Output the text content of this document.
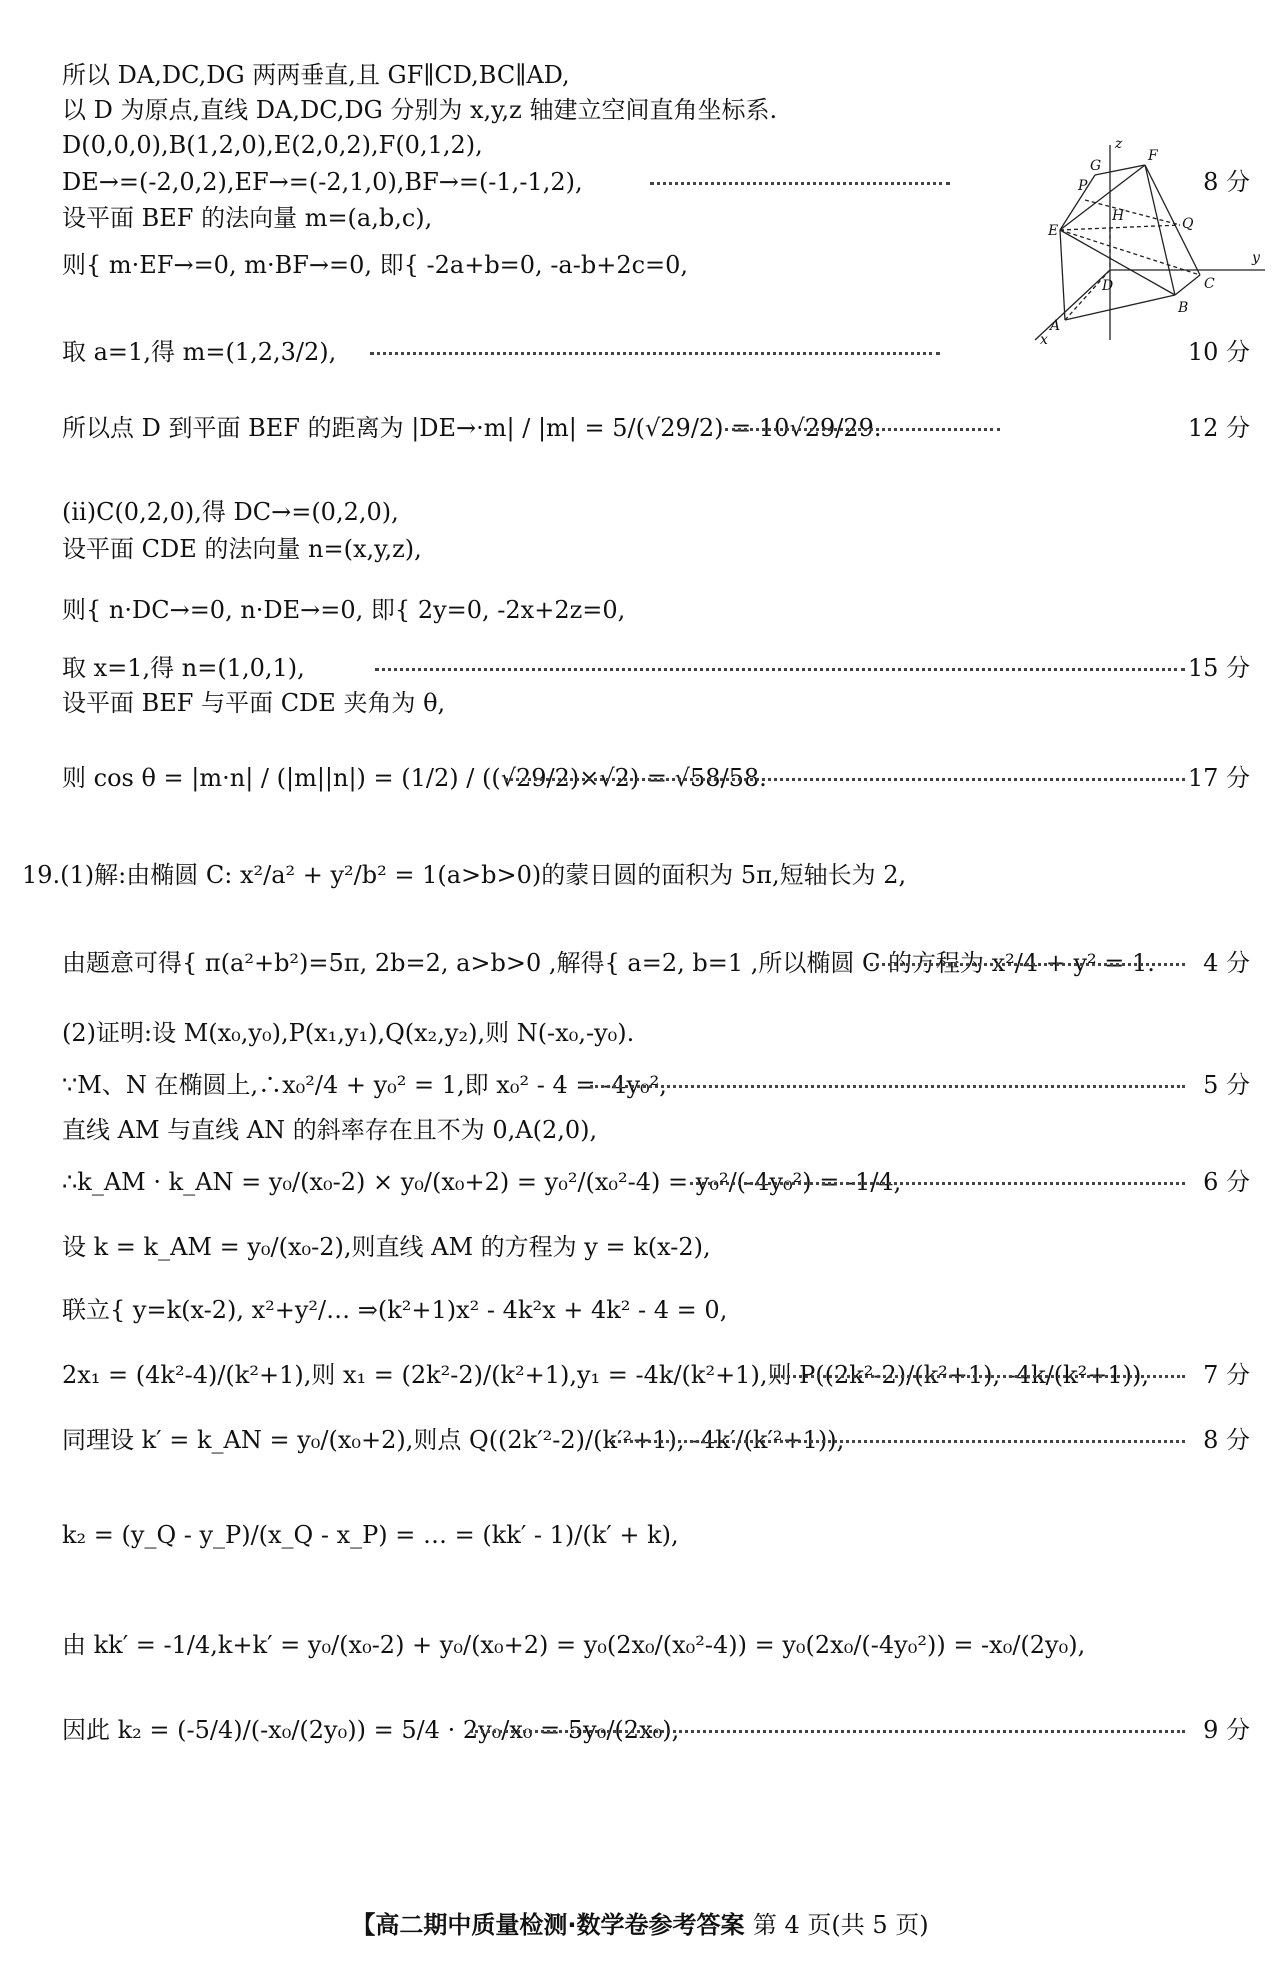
所以 DA,DC,DG 两两垂直,且 GF∥CD,BC∥AD,
以 D 为原点,直线 DA,DC,DG 分别为 x,y,z 轴建立空间直角坐标系.
D(0,0,0),B(1,2,0),E(2,0,2),F(0,1,2),
DE→=(-2,0,2),EF→=(-2,1,0),BF→=(-1,-1,2),	8 分
设平面 BEF 的法向量 m=(a,b,c),
则{ m·EF→=0, m·BF→=0, 即{ -2a+b=0, -a-b+2c=0,
取 a=1,得 m=(1,2,3/2),	10 分
所以点 D 到平面 BEF 的距离为 |DE→·m| / |m| = 5/(√29/2) = 10√29/29.	12 分
(ii)C(0,2,0),得 DC→=(0,2,0),
设平面 CDE 的法向量 n=(x,y,z),
则{ n·DC→=0, n·DE→=0, 即{ 2y=0, -2x+2z=0,
取 x=1,得 n=(1,0,1),	15 分
设平面 BEF 与平面 CDE 夹角为 θ,
则 cos θ = |m·n| / (|m||n|) = (1/2) / ((√29/2)×√2) = √58/58.	17 分
19.(1)解:由椭圆 C: x²/a² + y²/b² = 1(a>b>0)的蒙日圆的面积为 5π,短轴长为 2,
由题意可得{ π(a²+b²)=5π, 2b=2, a>b>0 ,解得{ a=2, b=1 ,所以椭圆 C 的方程为 x²/4 + y² = 1. 4 分
(2)证明:设 M(x₀,y₀),P(x₁,y₁),Q(x₂,y₂),则 N(-x₀,-y₀).
∵M、N 在椭圆上,∴x₀²/4 + y₀² = 1,即 x₀² - 4 = -4y₀²,	5 分
直线 AM 与直线 AN 的斜率存在且不为 0,A(2,0),
∴k_AM · k_AN = y₀/(x₀-2) × y₀/(x₀+2) = y₀²/(x₀²-4) = y₀²/(-4y₀²) = -1/4,	6 分
设 k = k_AM = y₀/(x₀-2),则直线 AM 的方程为 y = k(x-2),
联立{ y=k(x-2), x²+y²/… ⇒(k²+1)x² - 4k²x + 4k² - 4 = 0,
2x₁ = (4k²-4)/(k²+1),则 x₁ = (2k²-2)/(k²+1),y₁ = -4k/(k²+1),则 P((2k²-2)/(k²+1), -4k/(k²+1)), 7 分
同理设 k′ = k_AN = y₀/(x₀+2),则点 Q((2k′²-2)/(k′²+1), -4k′/(k′²+1)),	8 分
k₂ = (y_Q - y_P)/(x_Q - x_P) = … = (kk′ - 1)/(k′ + k),
由 kk′ = -1/4,k+k′ = y₀/(x₀-2) + y₀/(x₀+2) = y₀(2x₀/(x₀²-4)) = y₀(2x₀/(-4y₀²)) = -x₀/(2y₀),
因此 k₂ = (-5/4)/(-x₀/(2y₀)) = 5/4 · 2y₀/x₀ = 5y₀/(2x₀),	9 分
z
G
F
P
E
H	Q
y
D	C
A
B
x
【高二期中质量检测·数学卷参考答案 第 4 页(共 5 页)
